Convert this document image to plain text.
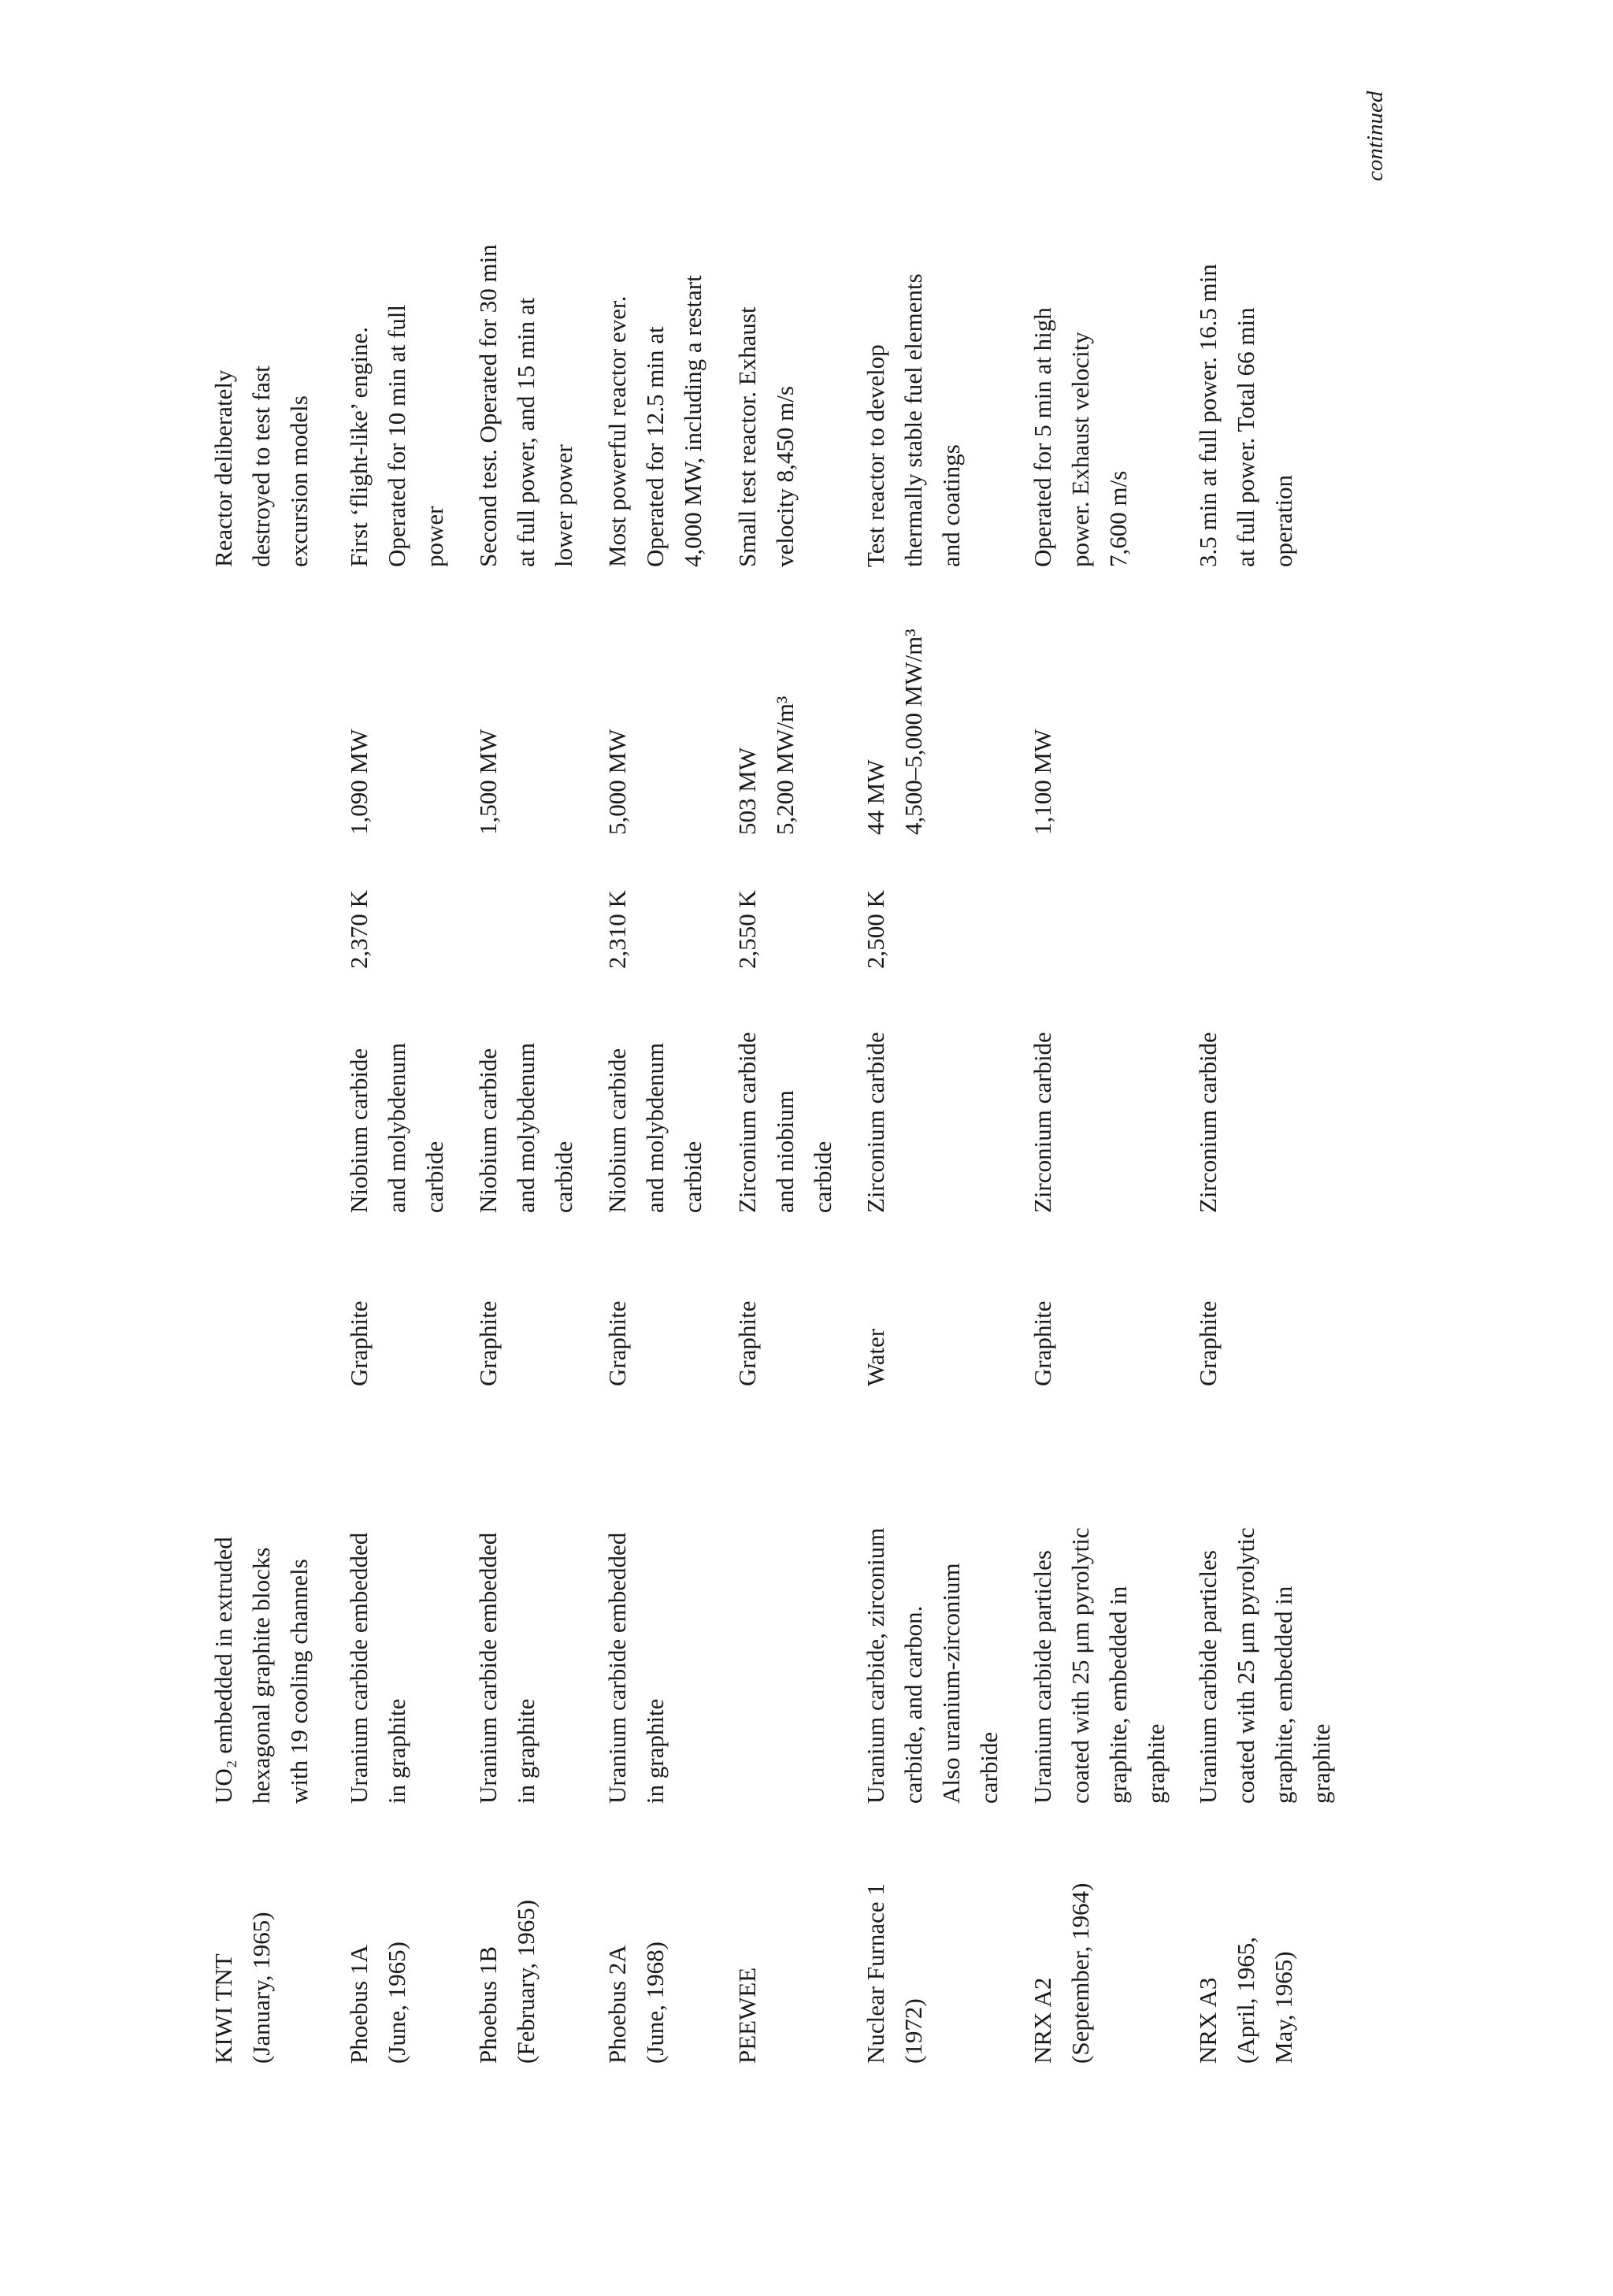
KIWI TNT (January, 1965)
UO₂ embedded in extruded hexagonal graphite blocks with 19 cooling channels
Reactor deliberately destroyed to test fast excursion models
Phoebus 1A (June, 1965)
Uranium carbide embedded in graphite
Graphite
Niobium carbide and molybdenum carbide
2,370 K
1,090 MW
First ‘flight-like’ engine. Operated for 10 min at full power
Phoebus 1B (February, 1965)
Uranium carbide embedded in graphite
Graphite
Niobium carbide and molybdenum carbide
1,500 MW
Second test. Operated for 30 min at full power, and 15 min at lower power
Phoebus 2A (June, 1968)
Uranium carbide embedded in graphite
Graphite
Niobium carbide and molybdenum carbide
2,310 K
5,000 MW
Most powerful reactor ever. Operated for 12.5 min at 4,000 MW, including a restart
PEEWEE
Graphite
Zirconium carbide and niobium carbide
2,550 K
503 MW 5,200 MW/m³
Small test reactor. Exhaust velocity 8,450 m/s
Nuclear Furnace 1 (1972)
Uranium carbide, zirconium carbide, and carbon. Also uranium-zirconium carbide
Water
Zirconium carbide
2,500 K
44 MW 4,500–5,000 MW/m³
Test reactor to develop thermally stable fuel elements and coatings
NRX A2 (September, 1964)
Uranium carbide particles coated with 25 μm pyrolytic graphite, embedded in graphite
Graphite
Zirconium carbide
1,100 MW
Operated for 5 min at high power. Exhaust velocity 7,600 m/s
NRX A3 (April, 1965, May, 1965)
Uranium carbide particles coated with 25 μm pyrolytic graphite, embedded in graphite
Graphite
Zirconium carbide
3.5 min at full power. 16.5 min at full power. Total 66 min operation
continued
